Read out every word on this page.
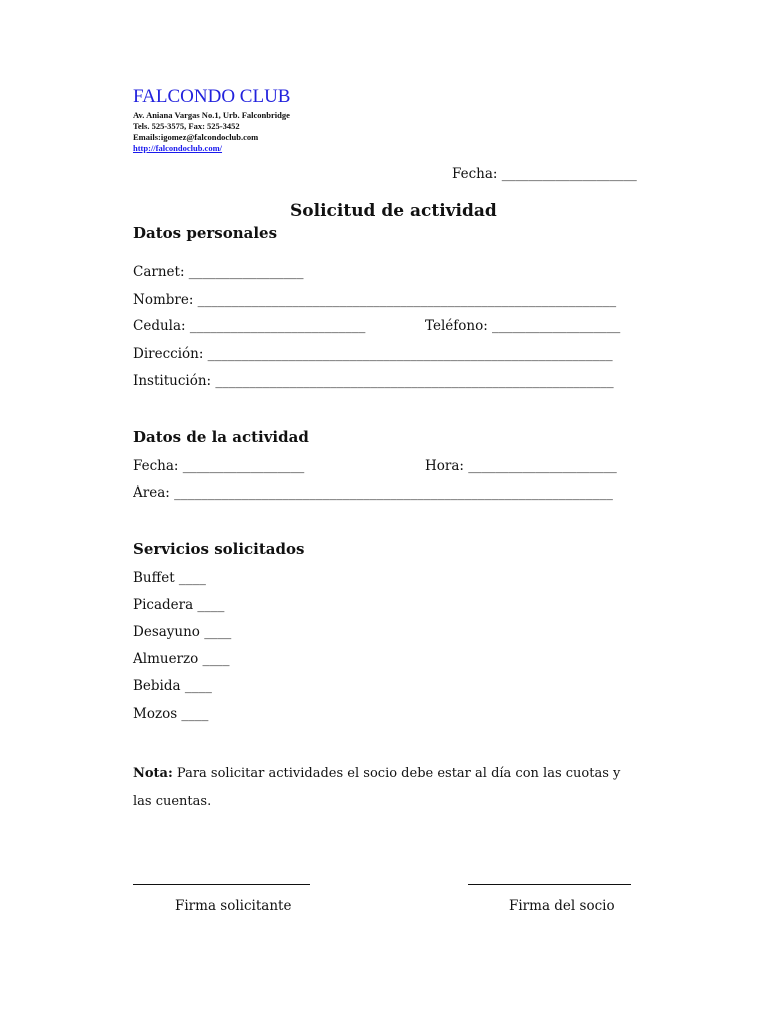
FALCONDO CLUB
Av. Aniana Vargas No.1, Urb. Falconbridge
Tels. 525-3575, Fax: 525-3452
Emails:igomez@falcondoclub.com
http://falcondoclub.com/
Fecha: ____________________
Solicitud de actividad
Datos personales
Carnet: _________________
Nombre: ______________________________________________________________
Cedula: __________________________	Teléfono: ___________________
Dirección: ____________________________________________________________
Institución: ___________________________________________________________
Datos de la actividad
Fecha: __________________	Hora: ______________________
Área: _________________________________________________________________
Servicios solicitados
Buffet ____
Picadera ____
Desayuno ____
Almuerzo ____
Bebida ____
Mozos ____
Nota: Para solicitar actividades el socio debe estar al día con las cuotas y las cuentas.
Firma solicitante	Firma del socio
